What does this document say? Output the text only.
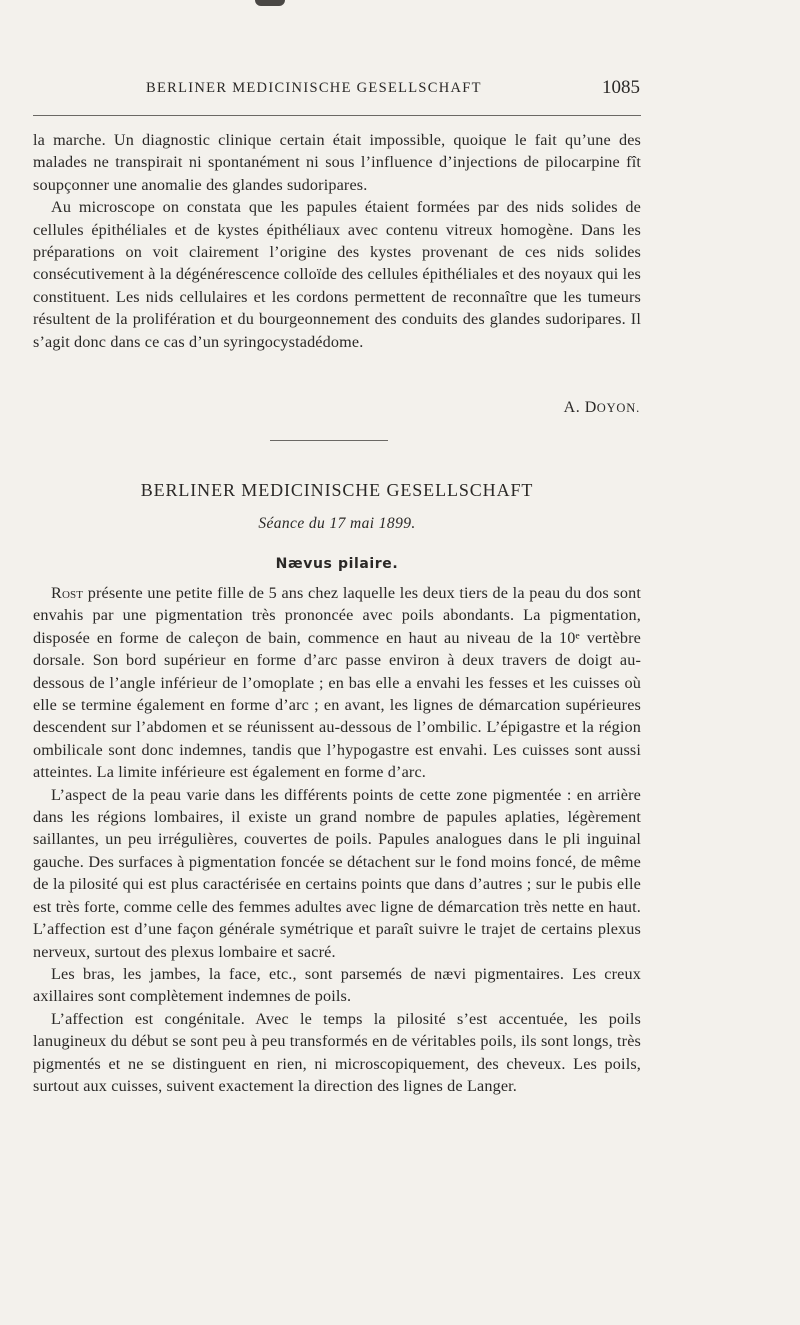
BERLINER MEDICINISCHE GESELLSCHAFT	1085

la marche. Un diagnostic clinique certain était impossible, quoique le fait qu’une des malades ne transpirait ni spontanément ni sous l’influence d’injections de pilocarpine fît soupçonner une anomalie des glandes sudoripares.

Au microscope on constata que les papules étaient formées par des nids solides de cellules épithéliales et de kystes épithéliaux avec contenu vitreux homogène. Dans les préparations on voit clairement l’origine des kystes provenant de ces nids solides consécutivement à la dégénérescence colloïde des cellules épithéliales et des noyaux qui les constituent. Les nids cellulaires et les cordons permettent de reconnaître que les tumeurs résultent de la prolifération et du bourgeonnement des conduits des glandes sudoripares. Il s’agit donc dans ce cas d’un syringocystadédome.

A. DOYON.
BERLINER MEDICINISCHE GESELLSCHAFT
Séance du 17 mai 1899.
Nævus pilaire.

Rost présente une petite fille de 5 ans chez laquelle les deux tiers de la peau du dos sont envahis par une pigmentation très prononcée avec poils abondants. La pigmentation, disposée en forme de caleçon de bain, commence en haut au niveau de la 10ᵉ vertèbre dorsale. Son bord supérieur en forme d’arc passe environ à deux travers de doigt au-dessous de l’angle inférieur de l’omoplate ; en bas elle a envahi les fesses et les cuisses où elle se termine également en forme d’arc ; en avant, les lignes de démarcation supérieures descendent sur l’abdomen et se réunissent au-dessous de l’ombilic. L’épigastre et la région ombilicale sont donc indemnes, tandis que l’hypogastre est envahi. Les cuisses sont aussi atteintes. La limite inférieure est également en forme d’arc.

L’aspect de la peau varie dans les différents points de cette zone pigmentée : en arrière dans les régions lombaires, il existe un grand nombre de papules aplaties, légèrement saillantes, un peu irrégulières, couvertes de poils. Papules analogues dans le pli inguinal gauche. Des surfaces à pigmentation foncée se détachent sur le fond moins foncé, de même de la pilosité qui est plus caractérisée en certains points que dans d’autres ; sur le pubis elle est très forte, comme celle des femmes adultes avec ligne de démarcation très nette en haut. L’affection est d’une façon générale symétrique et paraît suivre le trajet de certains plexus nerveux, surtout des plexus lombaire et sacré.

Les bras, les jambes, la face, etc., sont parsemés de nævi pigmentaires. Les creux axillaires sont complètement indemnes de poils.

L’affection est congénitale. Avec le temps la pilosité s’est accentuée, les poils lanugineux du début se sont peu à peu transformés en de véritables poils, ils sont longs, très pigmentés et ne se distinguent en rien, ni microscopiquement, des cheveux. Les poils, surtout aux cuisses, suivent exactement la direction des lignes de Langer.
